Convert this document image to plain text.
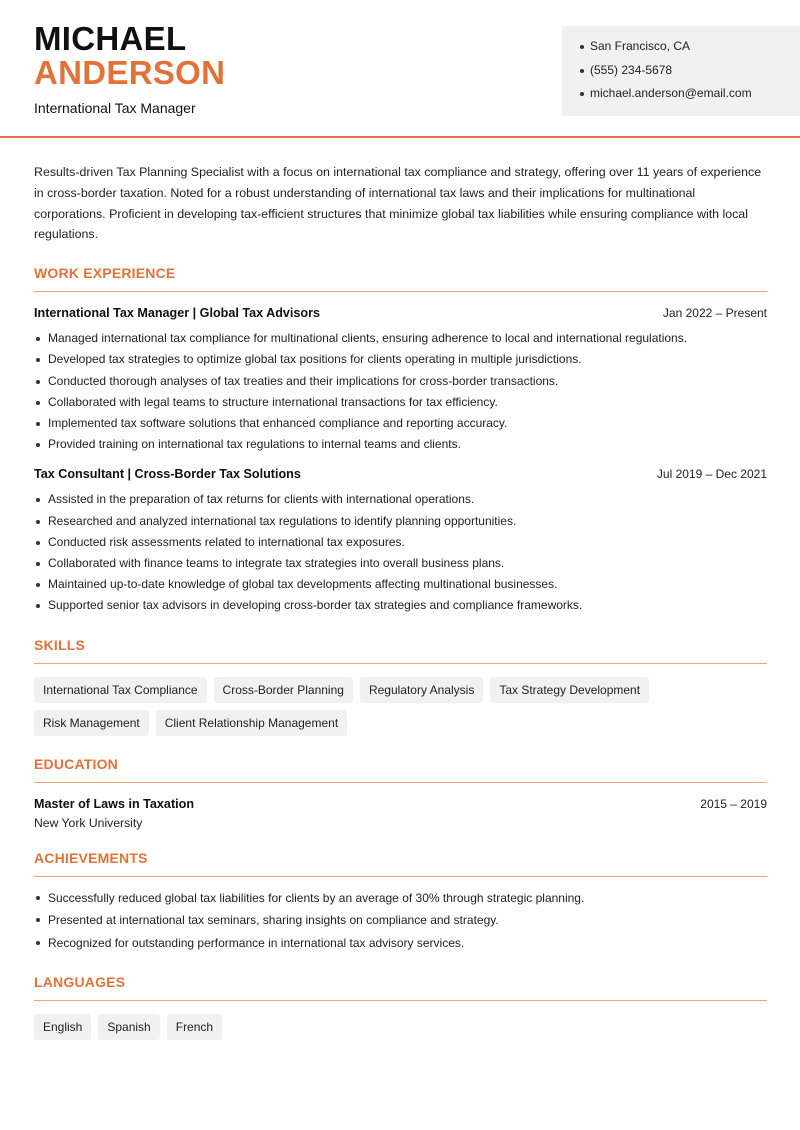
MICHAEL
ANDERSON
International Tax Manager
San Francisco, CA
(555) 234-5678
michael.anderson@email.com

Results-driven Tax Planning Specialist with a focus on international tax compliance and strategy, offering over 11 years of experience in cross-border taxation. Noted for a robust understanding of international tax laws and their implications for multinational corporations. Proficient in developing tax-efficient structures that minimize global tax liabilities while ensuring compliance with local regulations.

WORK EXPERIENCE
International Tax Manager | Global Tax Advisors	Jan 2022 – Present
Managed international tax compliance for multinational clients, ensuring adherence to local and international regulations.
Developed tax strategies to optimize global tax positions for clients operating in multiple jurisdictions.
Conducted thorough analyses of tax treaties and their implications for cross-border transactions.
Collaborated with legal teams to structure international transactions for tax efficiency.
Implemented tax software solutions that enhanced compliance and reporting accuracy.
Provided training on international tax regulations to internal teams and clients.
Tax Consultant | Cross-Border Tax Solutions	Jul 2019 – Dec 2021
Assisted in the preparation of tax returns for clients with international operations.
Researched and analyzed international tax regulations to identify planning opportunities.
Conducted risk assessments related to international tax exposures.
Collaborated with finance teams to integrate tax strategies into overall business plans.
Maintained up-to-date knowledge of global tax developments affecting multinational businesses.
Supported senior tax advisors in developing cross-border tax strategies and compliance frameworks.
SKILLS
International Tax Compliance	Cross-Border Planning	Regulatory Analysis	Tax Strategy Development
Risk Management	Client Relationship Management
EDUCATION
Master of Laws in Taxation	2015 – 2019
New York University
ACHIEVEMENTS
Successfully reduced global tax liabilities for clients by an average of 30% through strategic planning.
Presented at international tax seminars, sharing insights on compliance and strategy.
Recognized for outstanding performance in international tax advisory services.
LANGUAGES
English	Spanish	French
